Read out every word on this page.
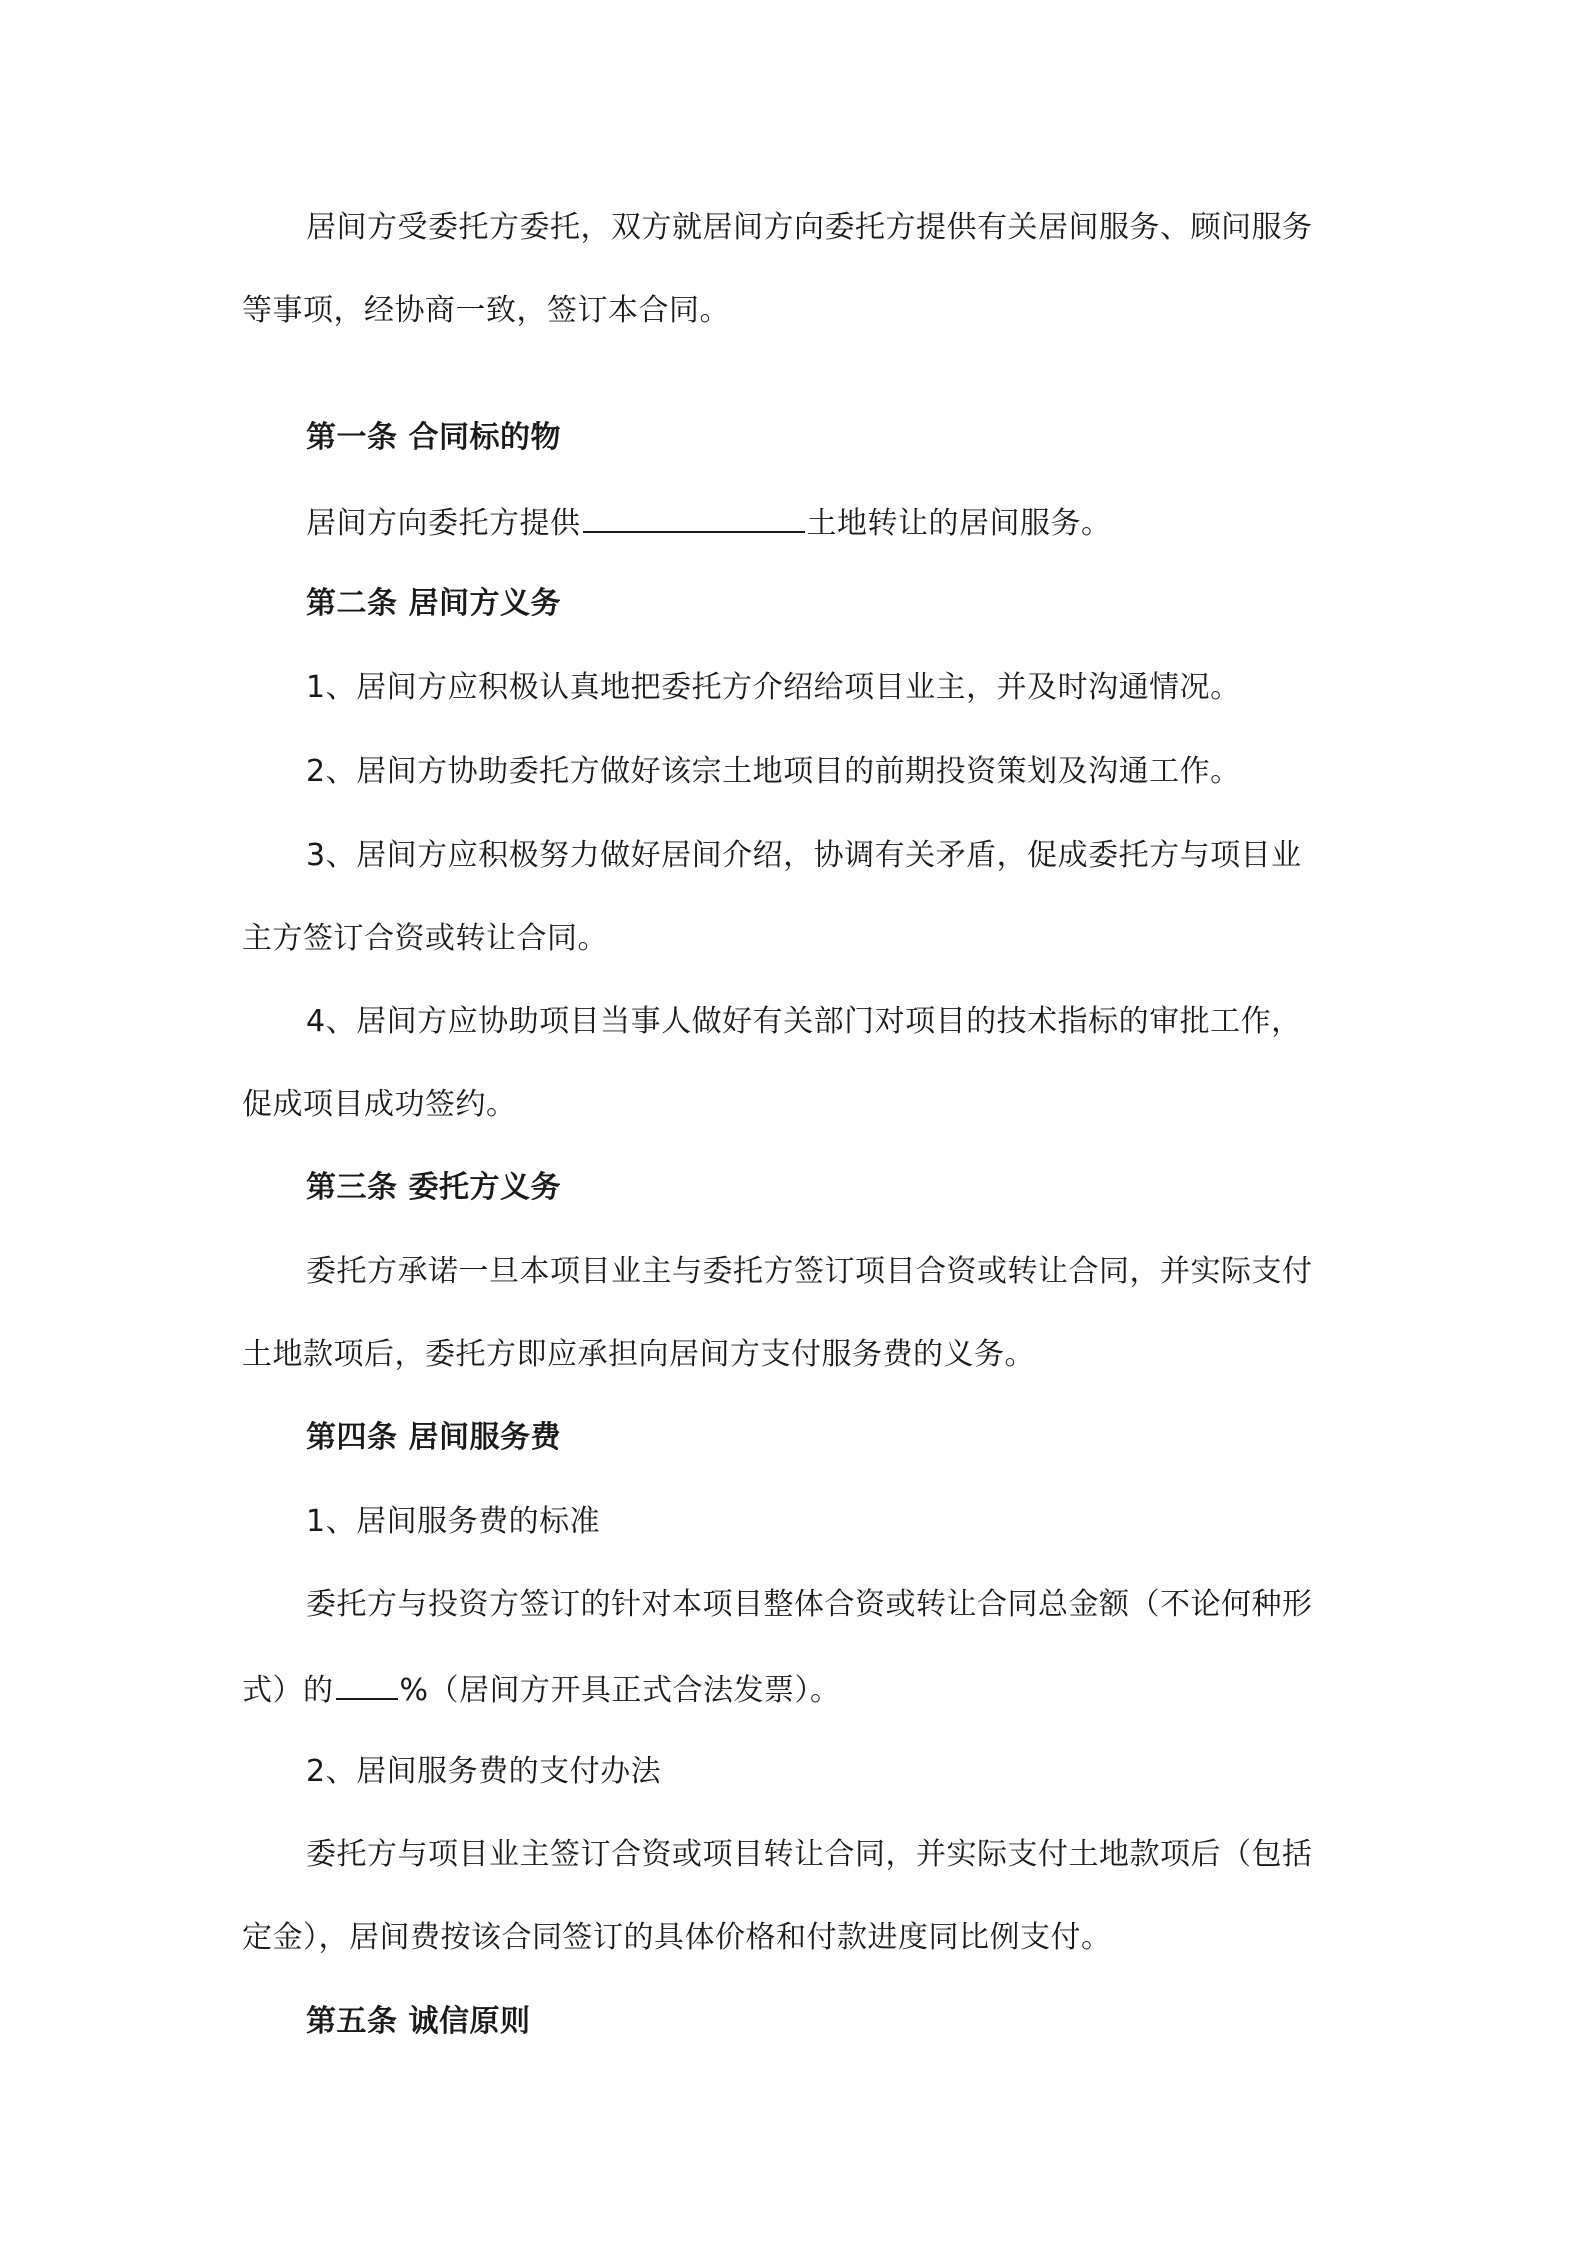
居间方受委托方委托，双方就居间方向委托方提供有关居间服务、顾问服务
等事项，经协商一致，签订本合同。
第一条 合同标的物
居间方向委托方提供	土地转让的居间服务。
第二条 居间方义务
1、居间方应积极认真地把委托方介绍给项目业主，并及时沟通情况。
2、居间方协助委托方做好该宗土地项目的前期投资策划及沟通工作。
3、居间方应积极努力做好居间介绍，协调有关矛盾，促成委托方与项目业
主方签订合资或转让合同。
4、居间方应协助项目当事人做好有关部门对项目的技术指标的审批工作，
促成项目成功签约。
第三条 委托方义务
委托方承诺一旦本项目业主与委托方签订项目合资或转让合同，并实际支付
土地款项后，委托方即应承担向居间方支付服务费的义务。
第四条 居间服务费
1、居间服务费的标准
委托方与投资方签订的针对本项目整体合资或转让合同总金额（不论何种形
式）的 %（居间方开具正式合法发票）。
2、居间服务费的支付办法
委托方与项目业主签订合资或项目转让合同，并实际支付土地款项后（包括
定金），居间费按该合同签订的具体价格和付款进度同比例支付。
第五条 诚信原则
